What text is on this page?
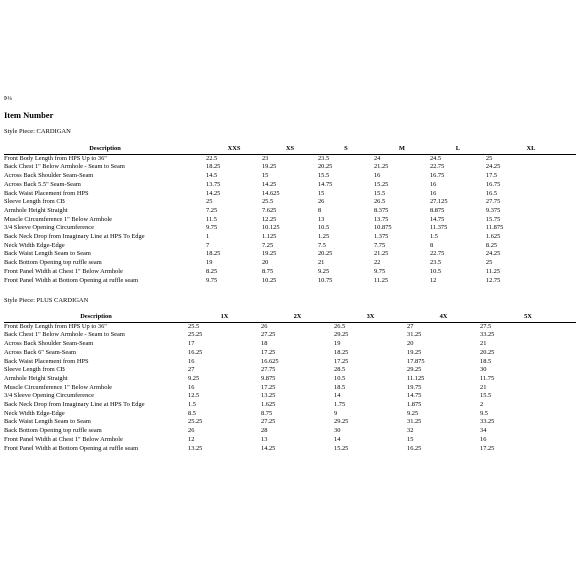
Þ¼
Item Number
Style Piece: CARDIGAN
Description	XXS	XS	S	M	L	XL
Front Body Length from HPS Up to 36"	22.5	23	23.5	24	24.5	25
Back Chest 1" Below Armhole - Seam to Seam	18.25	19.25	20.25	21.25	22.75	24.25
Across Back Shoulder Seam-Seam	14.5	15	15.5	16	16.75	17.5
Across Back 5.5" Seam-Seam	13.75	14.25	14.75	15.25	16	16.75
Back Waist Placement from HPS	14.25	14.625	15	15.5	16	16.5
Sleeve Length from CB	25	25.5	26	26.5	27.125	27.75
Armhole Height Straight	7.25	7.625	8	8.375	8.875	9.375
Muscle Circumference 1" Below Armhole	11.5	12.25	13	13.75	14.75	15.75
3/4 Sleeve Opening Circumference	9.75	10.125	10.5	10.875	11.375	11.875
Back Neck Drop from Imaginary Line at HPS To Edge	1	1.125	1.25	1.375	1.5	1.625
Neck Width Edge-Edge	7	7.25	7.5	7.75	8	8.25
Back Waist Length Seam to Seam	18.25	19.25	20.25	21.25	22.75	24.25
Back Bottom Opening top ruffle seam	19	20	21	22	23.5	25
Front Panel Width at Chest 1" Below Armhole	8.25	8.75	9.25	9.75	10.5	11.25
Front Panel Width at Bottom Opening at ruffle seam	9.75	10.25	10.75	11.25	12	12.75
Style Piece: PLUS CARDIGAN
Description	1X	2X	3X	4X	5X
Front Body Length from HPS Up to 36"	25.5	26	26.5	27	27.5
Back Chest 1" Below Armhole - Seam to Seam	25.25	27.25	29.25	31.25	33.25
Across Back Shoulder Seam-Seam	17	18	19	20	21
Across Back 6" Seam-Seam	16.25	17.25	18.25	19.25	20.25
Back Waist Placement from HPS	16	16.625	17.25	17.875	18.5
Sleeve Length from CB	27	27.75	28.5	29.25	30
Armhole Height Straight	9.25	9.875	10.5	11.125	11.75
Muscle Circumference 1" Below Armhole	16	17.25	18.5	19.75	21
3/4 Sleeve Opening Circumference	12.5	13.25	14	14.75	15.5
Back Neck Drop from Imaginary Line at HPS To Edge	1.5	1.625	1.75	1.875	2
Neck Width Edge-Edge	8.5	8.75	9	9.25	9.5
Back Waist Length Seam to Seam	25.25	27.25	29.25	31.25	33.25
Back Bottom Opening top ruffle seam	26	28	30	32	34
Front Panel Width at Chest 1" Below Armhole	12	13	14	15	16
Front Panel Width at Bottom Opening at ruffle seam	13.25	14.25	15.25	16.25	17.25
